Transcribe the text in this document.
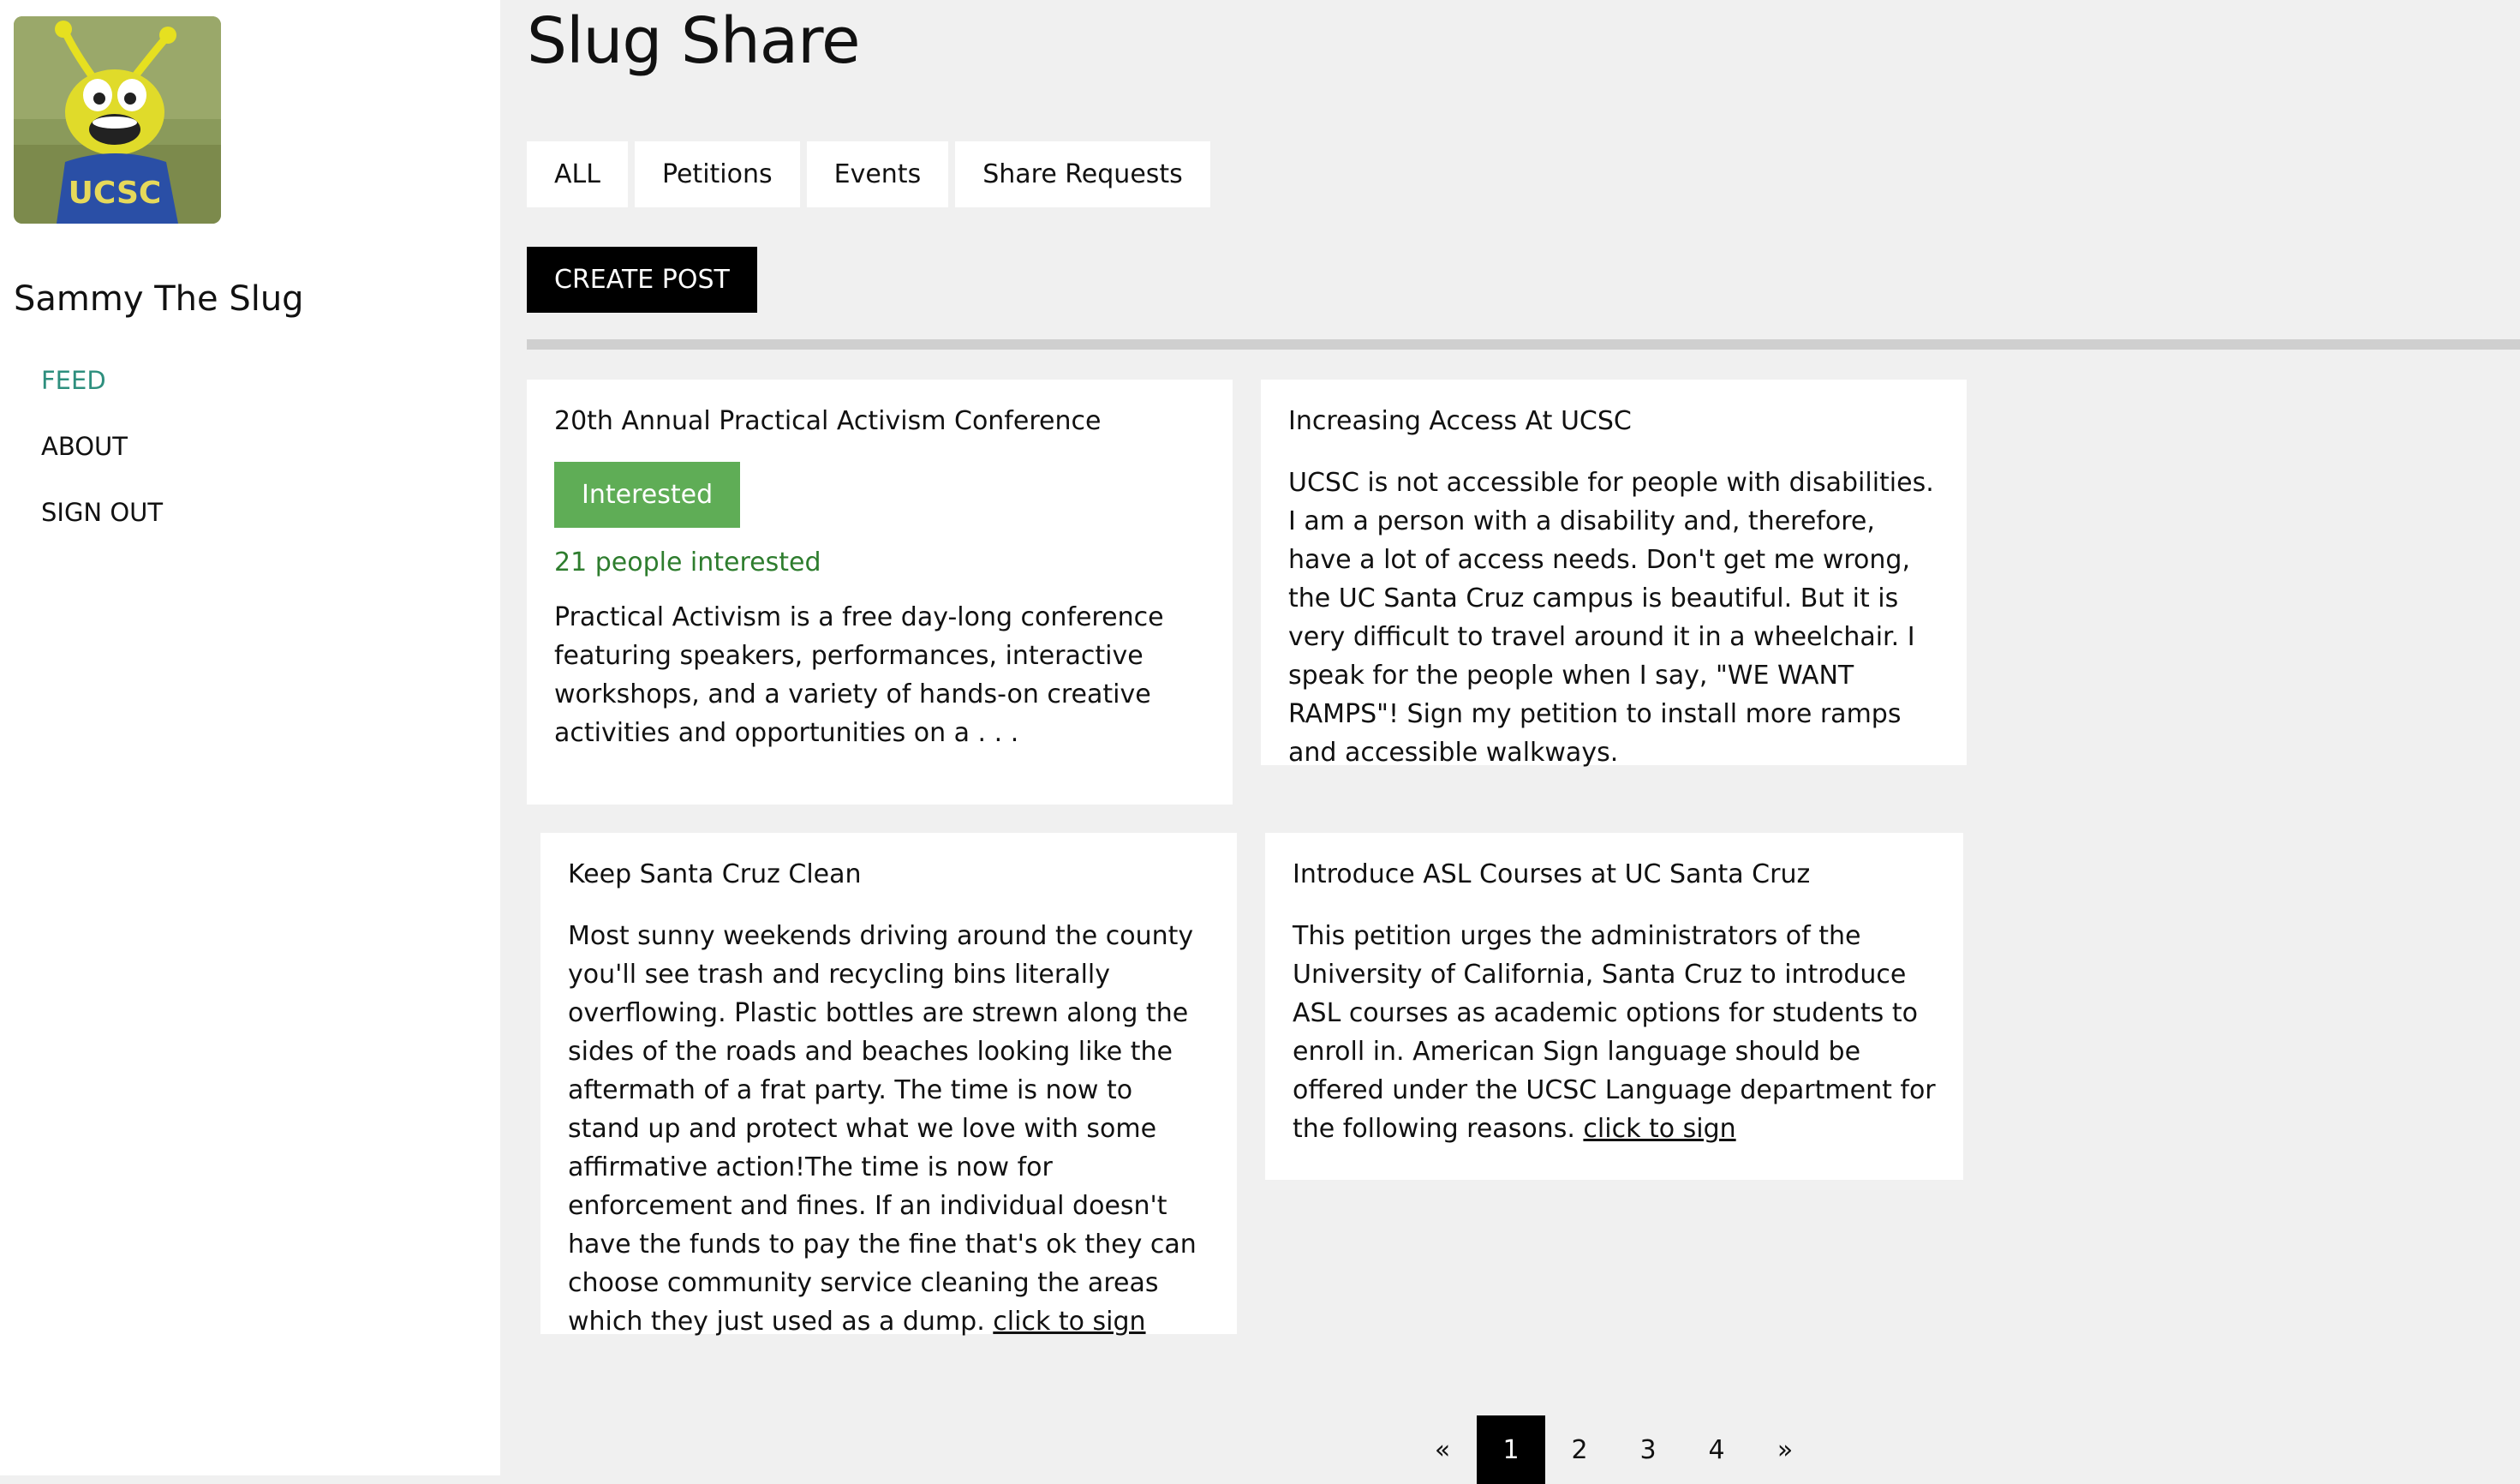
UCSC
Sammy The Slug
FEED
ABOUT
SIGN OUT
Slug Share
ALL	Petitions	Events	Share Requests
CREATE POST
20th Annual Practical Activism Conference
Interested
21 people interested
Practical Activism is a free day-long conference featuring speakers, performances, interactive workshops, and a variety of hands-on creative activities and opportunities on a . . .
Increasing Access At UCSC
UCSC is not accessible for people with disabilities. I am a person with a disability and, therefore, have a lot of access needs. Don't get me wrong, the UC Santa Cruz campus is beautiful. But it is very difficult to travel around it in a wheelchair. I speak for the people when I say, "WE WANT RAMPS"! Sign my petition to install more ramps and accessible walkways.
Keep Santa Cruz Clean
Most sunny weekends driving around the county you'll see trash and recycling bins literally overflowing. Plastic bottles are strewn along the sides of the roads and beaches looking like the aftermath of a frat party. The time is now to stand up and protect what we love with some affirmative action!The time is now for enforcement and fines. If an individual doesn't have the funds to pay the fine that's ok they can choose community service cleaning the areas which they just used as a dump. click to sign
Introduce ASL Courses at UC Santa Cruz
This petition urges the administrators of the University of California, Santa Cruz to introduce ASL courses as academic options for students to enroll in. American Sign language should be offered under the UCSC Language department for the following reasons. click to sign
«	1	2	3	4	»
